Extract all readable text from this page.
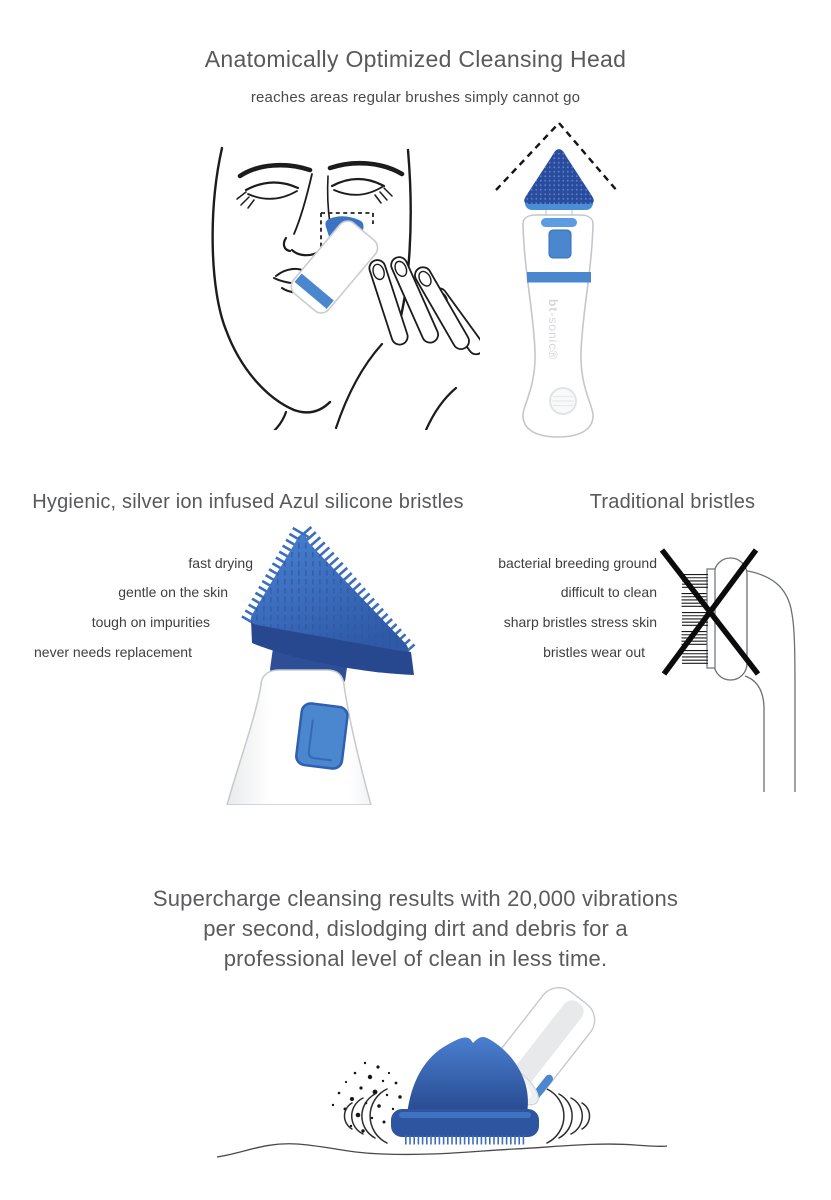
Anatomically Optimized Cleansing Head
reaches areas regular brushes simply cannot go
bt-sonic®
Hygienic, silver ion infused Azul silicone bristles	Traditional bristles
fast drying
gentle on the skin
tough on impurities
never needs replacement
bacterial breeding ground
difficult to clean
sharp bristles stress skin
bristles wear out
Supercharge cleansing results with 20,000 vibrations
per second, dislodging dirt and debris for a
professional level of clean in less time.
